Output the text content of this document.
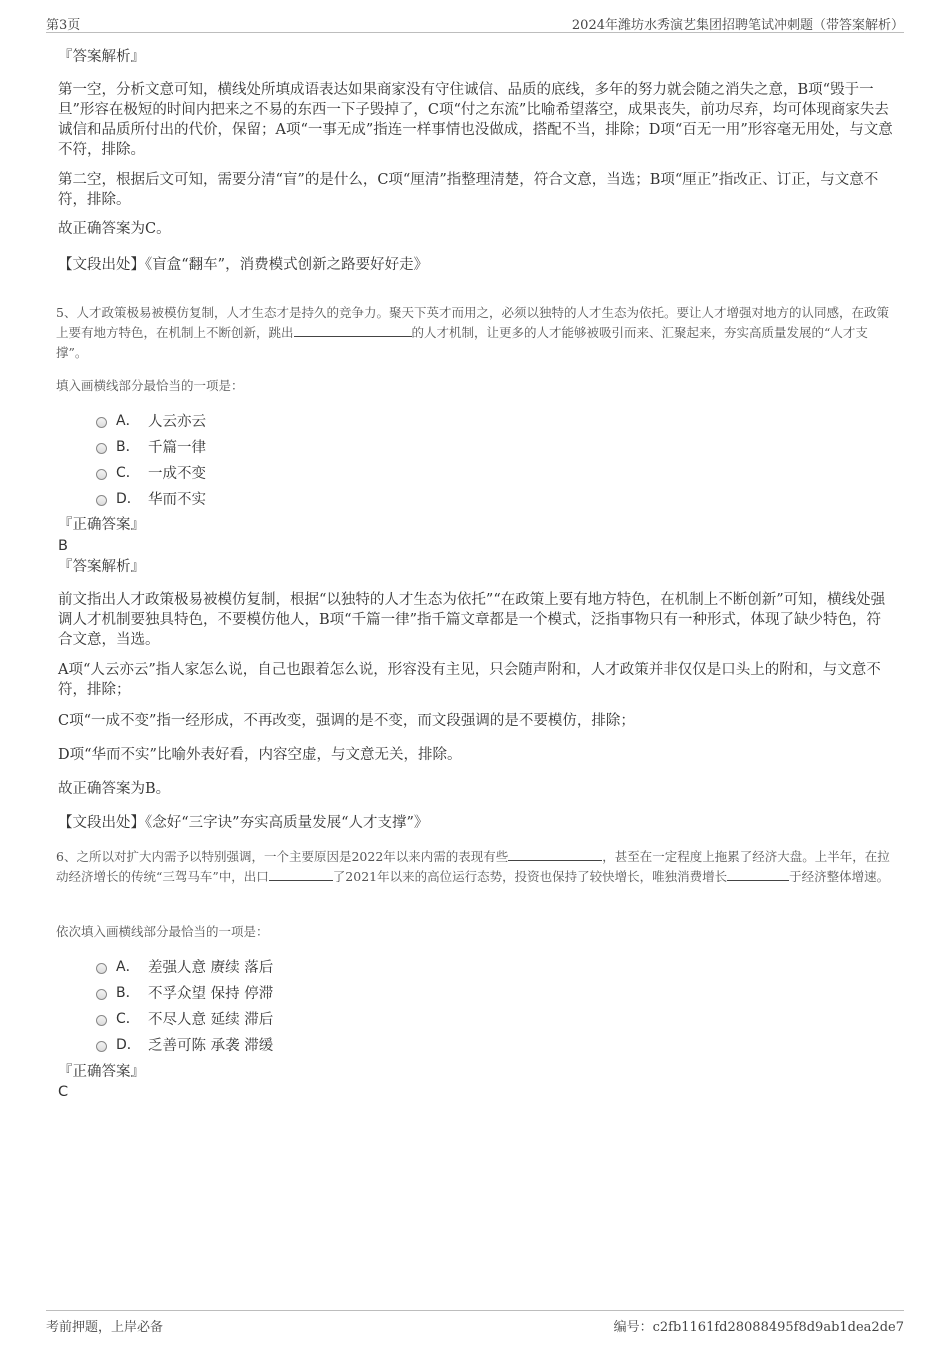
第3页	2024年潍坊水秀演艺集团招聘笔试冲刺题（带答案解析）
『答案解析』

第一空，分析文意可知，横线处所填成语表达如果商家没有守住诚信、品质的底线，多年的努力就会随之消失之意，B项“毁于一旦”形容在极短的时间内把来之不易的东西一下子毁掉了，C项“付之东流”比喻希望落空，成果丧失，前功尽弃，均可体现商家失去诚信和品质所付出的代价，保留；A项“一事无成”指连一样事情也没做成，搭配不当，排除；D项“百无一用”形容毫无用处，与文意不符，排除。

第二空，根据后文可知，需要分清“盲”的是什么，C项“厘清”指整理清楚，符合文意，当选；B项“厘正”指改正、订正，与文意不符，排除。

故正确答案为C。

【文段出处】《盲盒“翻车”，消费模式创新之路要好好走》

5、人才政策极易被模仿复制，人才生态才是持久的竞争力。聚天下英才而用之，必须以独特的人才生态为依托。要让人才增强对地方的认同感，在政策上要有地方特色，在机制上不断创新，跳出	的人才机制，让更多的人才能够被吸引而来、汇聚起来，夯实高质量发展的“人才支撑”。

填入画横线部分最恰当的一项是：
A． 人云亦云
B． 千篇一律
C． 一成不变
D． 华而不实
『正确答案』
B
『答案解析』

前文指出人才政策极易被模仿复制，根据“以独特的人才生态为依托”“在政策上要有地方特色，在机制上不断创新”可知，横线处强调人才机制要独具特色，不要模仿他人，B项“千篇一律”指千篇文章都是一个模式，泛指事物只有一种形式，体现了缺少特色，符合文意，当选。

A项“人云亦云”指人家怎么说，自己也跟着怎么说，形容没有主见，只会随声附和，人才政策并非仅仅是口头上的附和，与文意不符，排除；

C项“一成不变”指一经形成，不再改变，强调的是不变，而文段强调的是不要模仿，排除；

D项“华而不实”比喻外表好看，内容空虚，与文意无关，排除。

故正确答案为B。

【文段出处】《念好“三字诀”夯实高质量发展“人才支撑”》

6、之所以对扩大内需予以特别强调，一个主要原因是2022年以来内需的表现有些	，甚至在一定程度上拖累了经济大盘。上半年，在拉动经济增长的传统“三驾马车”中，出口	了2021年以来的高位运行态势，投资也保持了较快增长，唯独消费增长	于经济整体增速。

依次填入画横线部分最恰当的一项是：
A． 差强人意 赓续 落后
B． 不孚众望 保持 停滞
C． 不尽人意 延续 滞后
D． 乏善可陈 承袭 滞缓
『正确答案』
C
考前押题，上岸必备	编号：c2fb1161fd28088495f8d9ab1dea2de7
